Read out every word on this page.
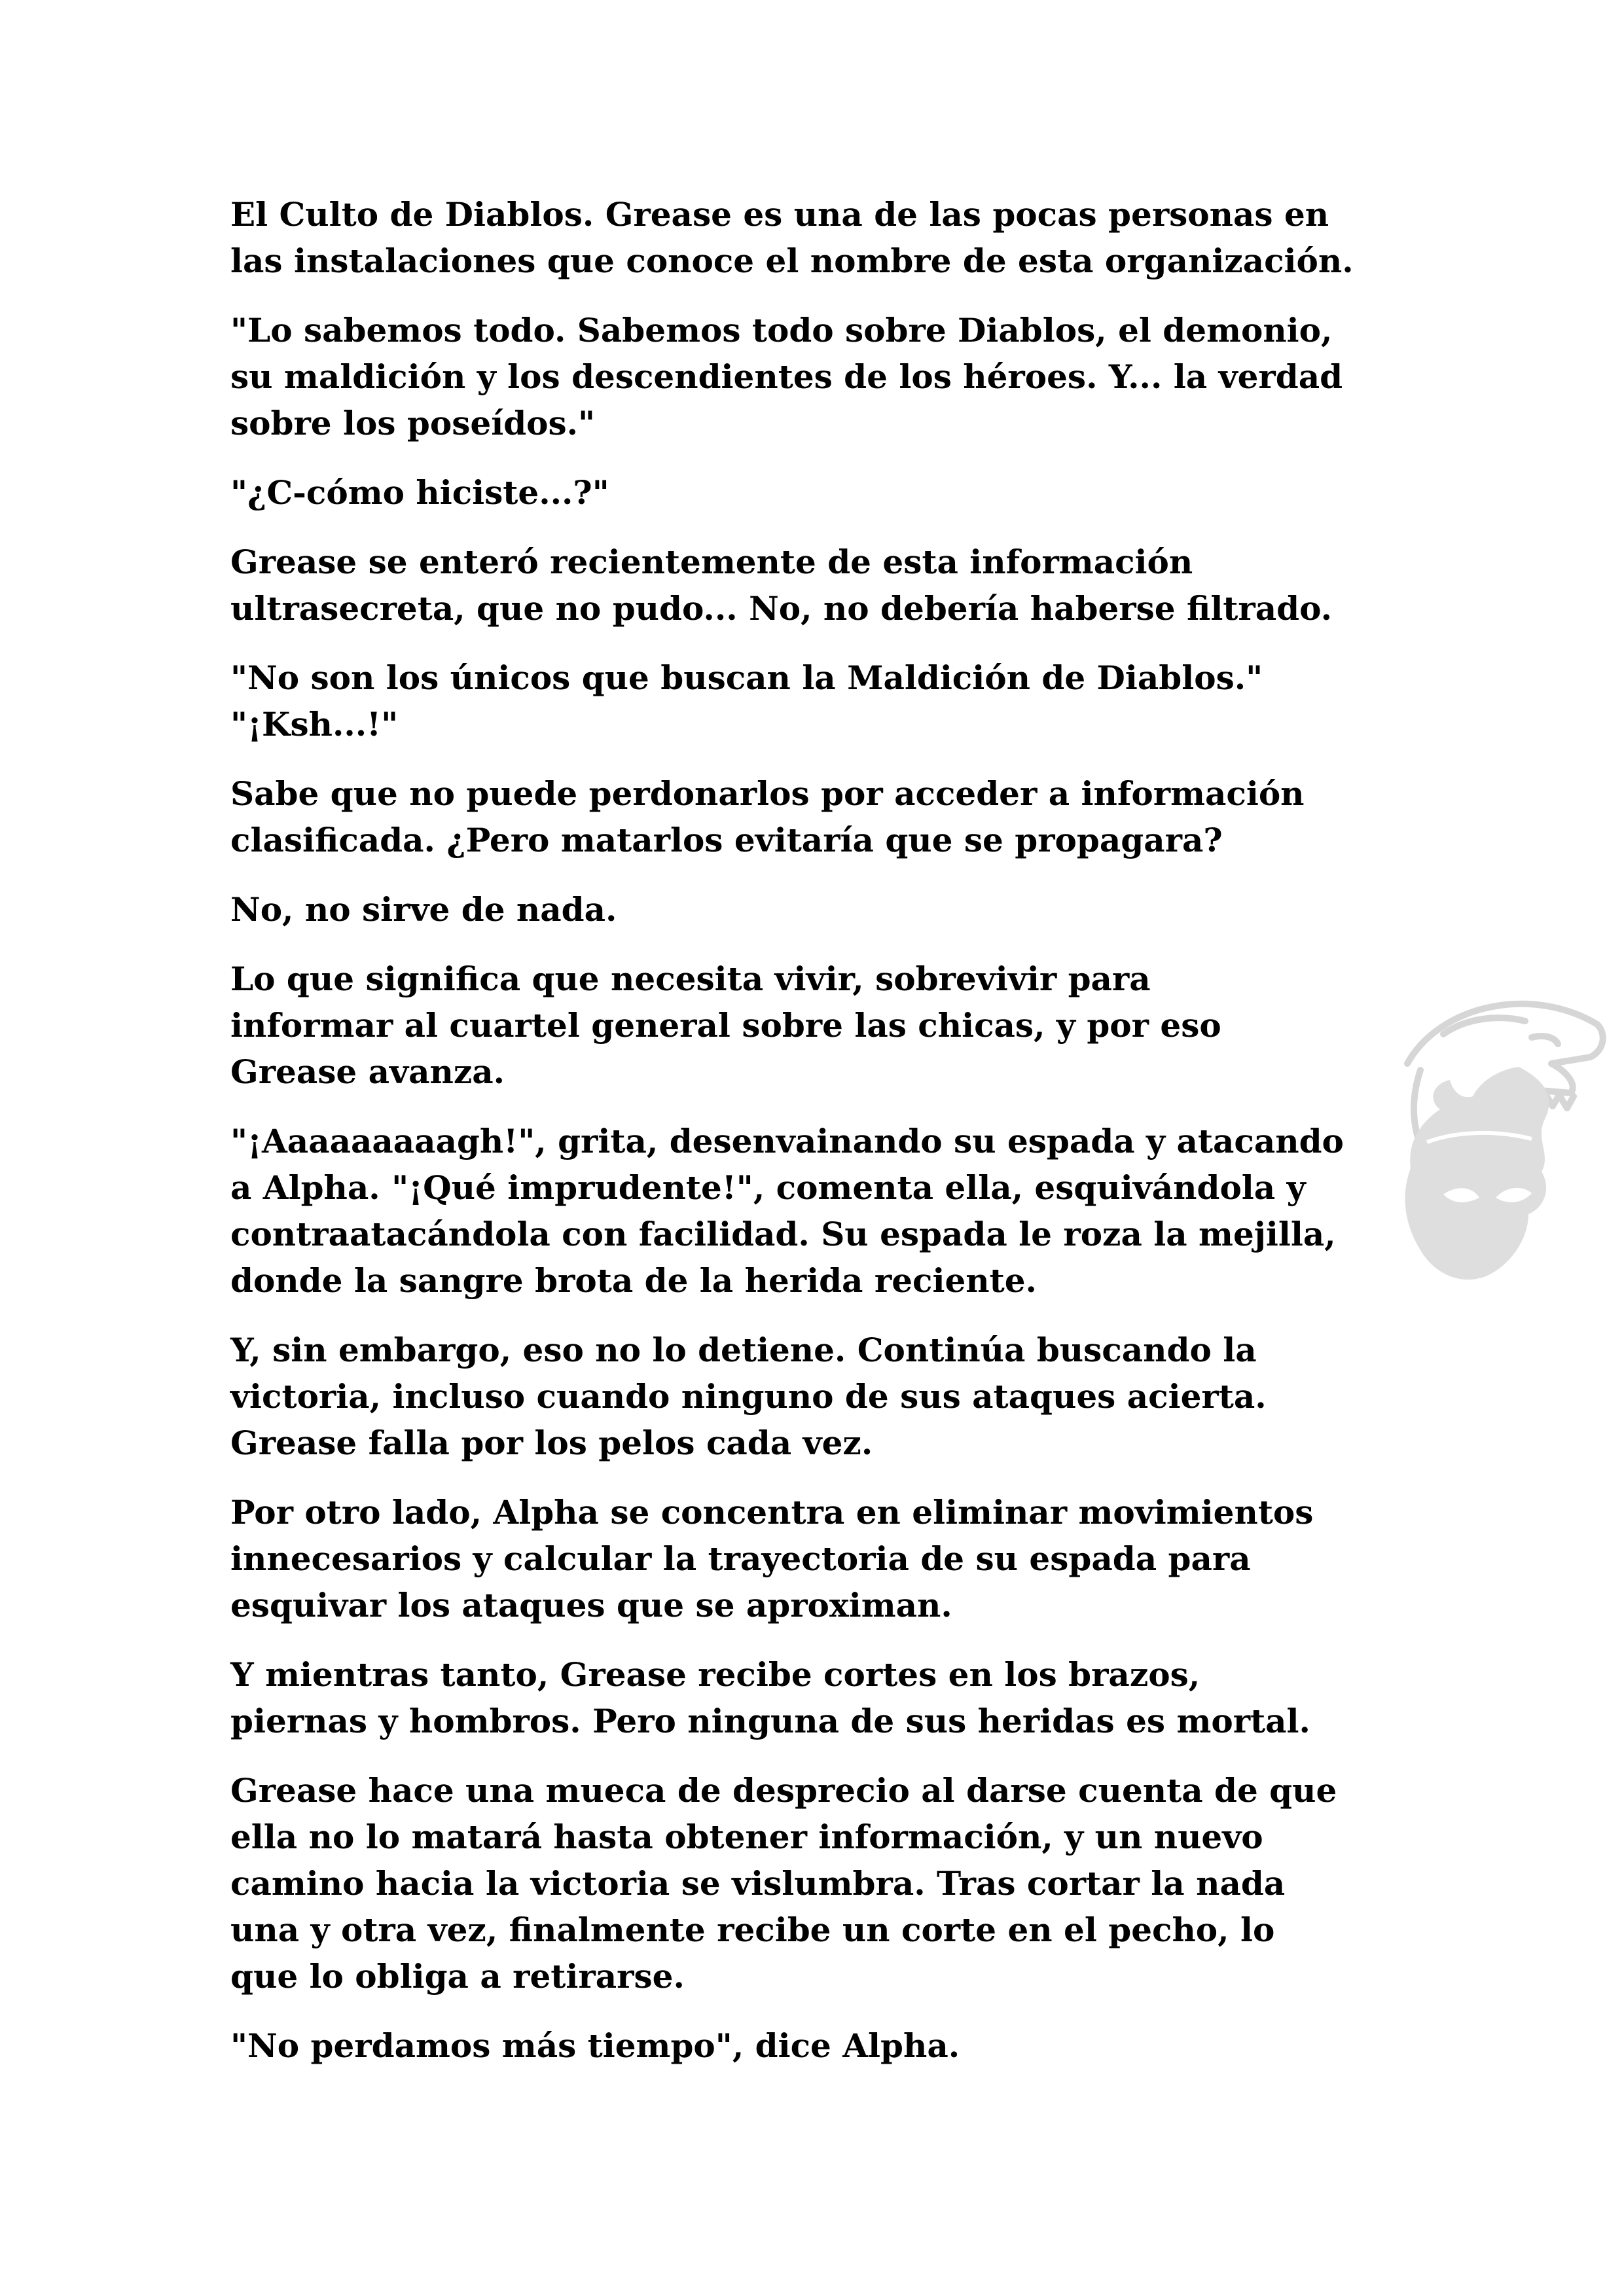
El Culto de Diablos. Grease es una de las pocas personas en
las instalaciones que conoce el nombre de esta organización.

"Lo sabemos todo. Sabemos todo sobre Diablos, el demonio,
su maldición y los descendientes de los héroes. Y... la verdad
sobre los poseídos."

"¿C-cómo hiciste...?"

Grease se enteró recientemente de esta información
ultrasecreta, que no pudo... No, no debería haberse filtrado.

"No son los únicos que buscan la Maldición de Diablos."
"¡Ksh...!"

Sabe que no puede perdonarlos por acceder a información
clasificada. ¿Pero matarlos evitaría que se propagara?

No, no sirve de nada.

Lo que significa que necesita vivir, sobrevivir para
informar al cuartel general sobre las chicas, y por eso
Grease avanza.

"¡Aaaaaaaaagh!", grita, desenvainando su espada y atacando
a Alpha. "¡Qué imprudente!", comenta ella, esquivándola y
contraatacándola con facilidad. Su espada le roza la mejilla,
donde la sangre brota de la herida reciente.

Y, sin embargo, eso no lo detiene. Continúa buscando la
victoria, incluso cuando ninguno de sus ataques acierta.
Grease falla por los pelos cada vez.

Por otro lado, Alpha se concentra en eliminar movimientos
innecesarios y calcular la trayectoria de su espada para
esquivar los ataques que se aproximan.

Y mientras tanto, Grease recibe cortes en los brazos,
piernas y hombros. Pero ninguna de sus heridas es mortal.

Grease hace una mueca de desprecio al darse cuenta de que
ella no lo matará hasta obtener información, y un nuevo
camino hacia la victoria se vislumbra. Tras cortar la nada
una y otra vez, finalmente recibe un corte en el pecho, lo
que lo obliga a retirarse.

"No perdamos más tiempo", dice Alpha.
